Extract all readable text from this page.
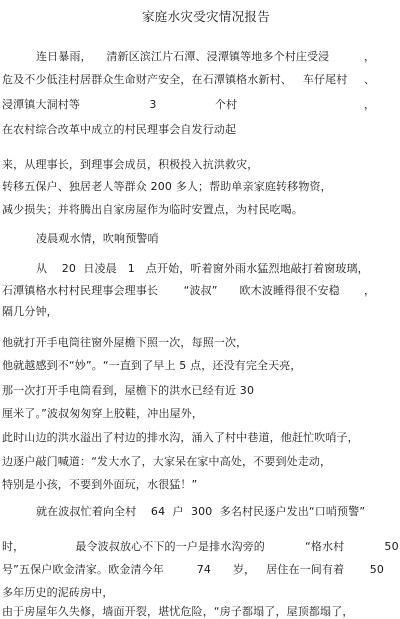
家庭水灾受灾情况报告

连日暴雨，    清新区滨江片石潭、浸潭镇等地多个村庄受浸	，

危及不少低洼村居群众生命财产安全，在石潭镇格水新村、   车仔尾村 、

浸潭镇大洞村等                   3                个村	，

在农村综合改革中成立的村民理事会自发行动起

来，从理事长，到理事会成员，积极投入抗洪救灾，

转移五保户、独居老人等群众 200 多人；帮助单亲家庭转移物资，

减少损失；并将腾出自家房屋作为临时安置点，为村民吃喝。

凌晨观水情，吹响预警哨

从    20  日凌晨   1   点开始，听着窗外雨水猛烈地敲打着窗玻璃，

石潭镇格水村村民理事会理事长       “波叔”      欧木波睡得很不安稳 ，

隔几分钟，

他就打开手电筒往窗外屋檐下照一次，每照一次，

他就越感到不“妙”。“一直到了早上 5 点，还没有完全天亮，

那一次打开手电筒看到，屋檐下的洪水已经有近 30

厘米了。”波叔匆匆穿上胶鞋，冲出屋外，

此时山边的洪水溢出了村边的排水沟，涌入了村中巷道，他赶忙吹哨子，

边逐户敲门喊道：“发大水了，大家呆在家中高处，不要到处走动，

特别是小孩，不要到外面玩，水很猛！”

就在波叔忙着向全村    64  户  300  多名村民逐户发出“口哨预警”

时，              最令波叔放心不下的一户是排水沟旁的           “格水村           50

号”五保户欧金清家。欧金清今年         74      岁，   居住在一间有着       50

多年历史的泥砖房中，

由于房屋年久失修，墙面开裂，堪忧危险，“房子都塌了，屋顶都塌了，
